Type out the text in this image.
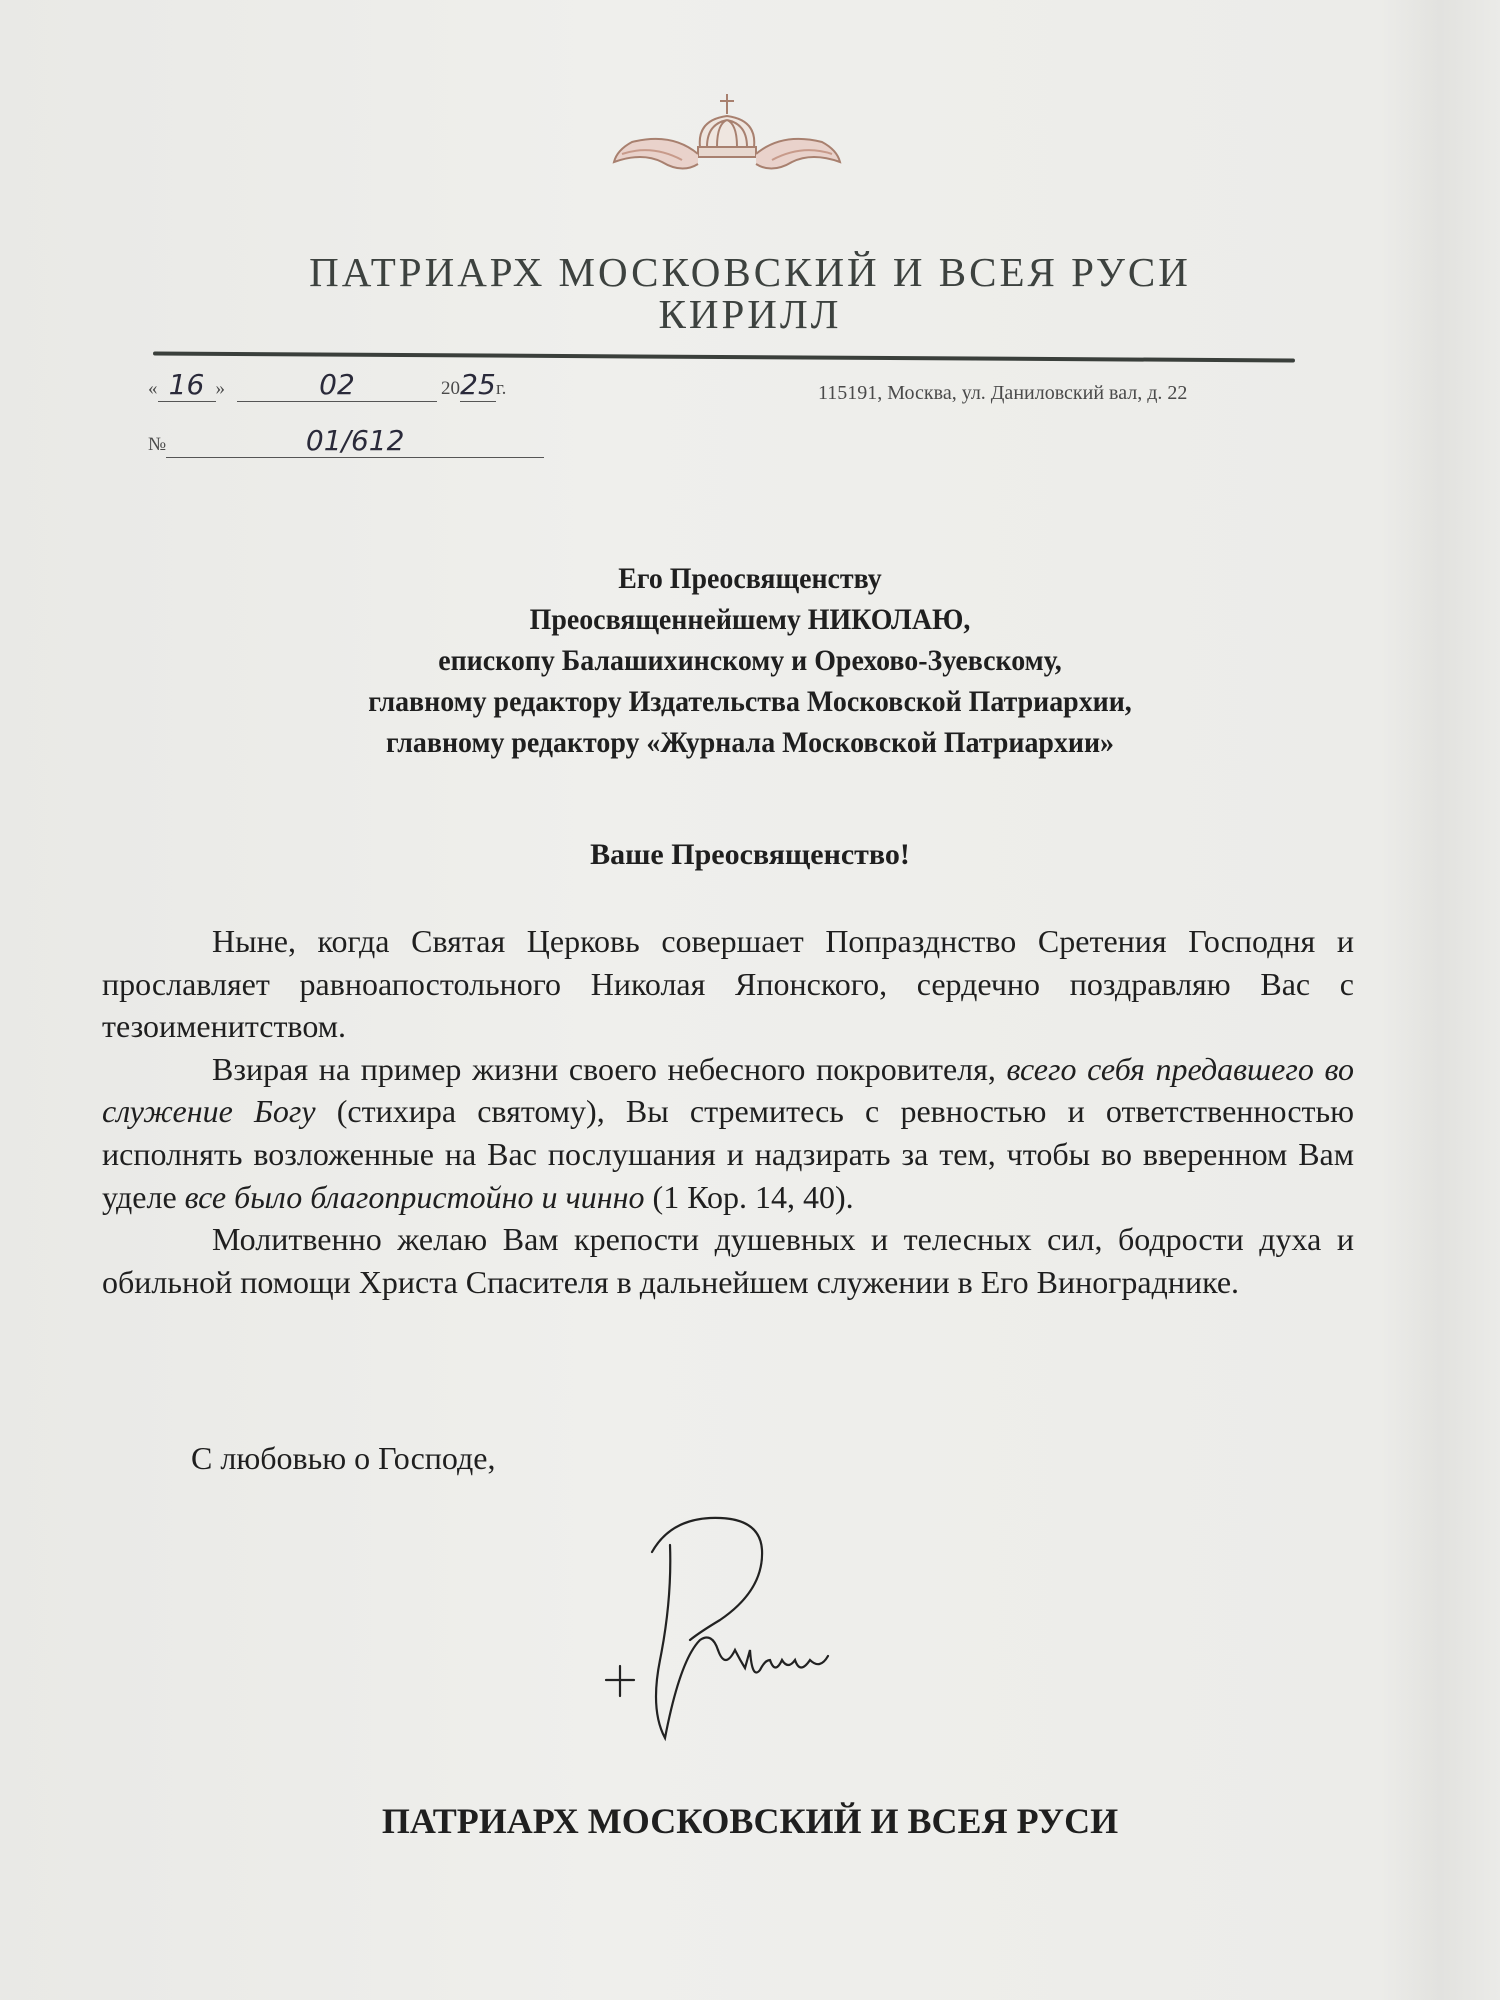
ПАТРИАРХ МОСКОВСКИЙ И ВСЕЯ РУСИ
КИРИЛЛ
« 16 »	02	2025г.	115191, Москва, ул. Даниловский вал, д. 22
№	01/612
Его Преосвященству
Преосвященнейшему НИКОЛАЮ,
епископу Балашихинскому и Орехово-Зуевскому,
главному редактору Издательства Московской Патриархии,
главному редактору «Журнала Московской Патриархии»
Ваше Преосвященство!

Ныне, когда Святая Церковь совершает Попразднство Сретения Господня и прославляет равноапостольного Николая Японского, сердечно поздравляю Вас с тезоименитством.

Взирая на пример жизни своего небесного покровителя, всего себя предавшего во служение Богу (стихира святому), Вы стремитесь с ревностью и ответственностью исполнять возложенные на Вас послушания и надзирать за тем, чтобы во вверенном Вам уделе все было благопристойно и чинно (1 Кор. 14, 40).

Молитвенно желаю Вам крепости душевных и телесных сил, бодрости духа и обильной помощи Христа Спасителя в дальнейшем служении в Его Винограднике.

С любовью о Господе,
ПАТРИАРХ МОСКОВСКИЙ И ВСЕЯ РУСИ
